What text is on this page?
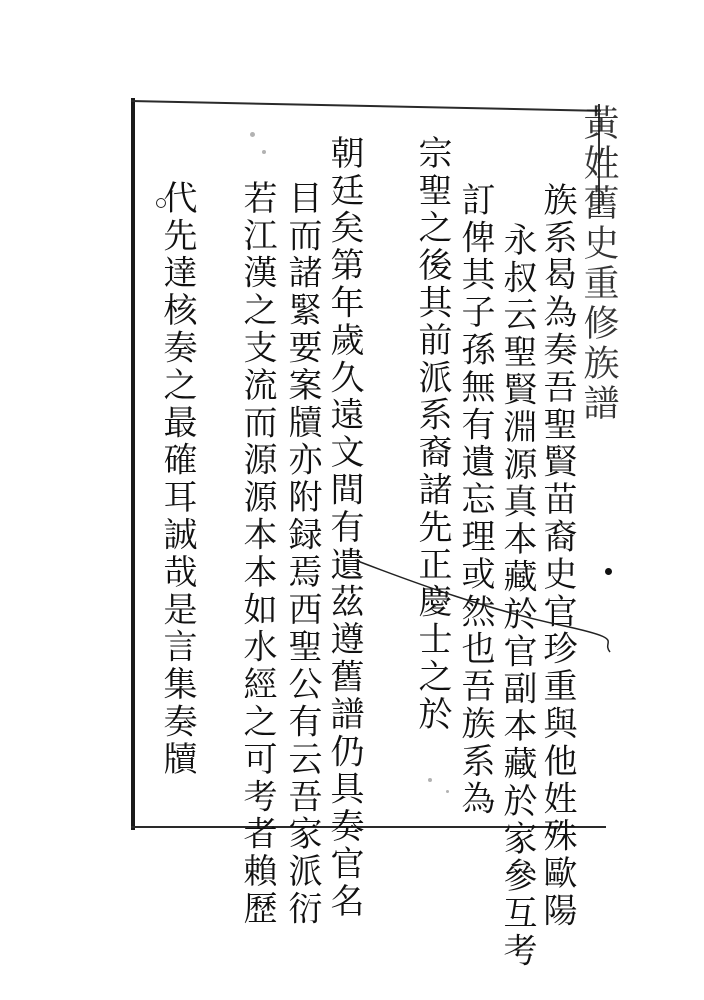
黃姓舊史重修族譜
族系曷為奏吾聖賢苗裔史官珍重與他姓殊歐陽
永叔云聖賢淵源真本藏於官副本藏於家參互考
訂俾其子孫無有遺忘理或然也吾族系為
宗聖之後其前派系裔諸先正慶士之於
朝廷矣第年歲久遠文間有遺茲遵舊譜仍具奏官名
目而諸緊要案牘亦附録焉西聖公有云吾家派衍
若江漢之支流而源源本本如水經之可考者賴歷
代先達核奏之最確耳誠哉是言集奏牘
